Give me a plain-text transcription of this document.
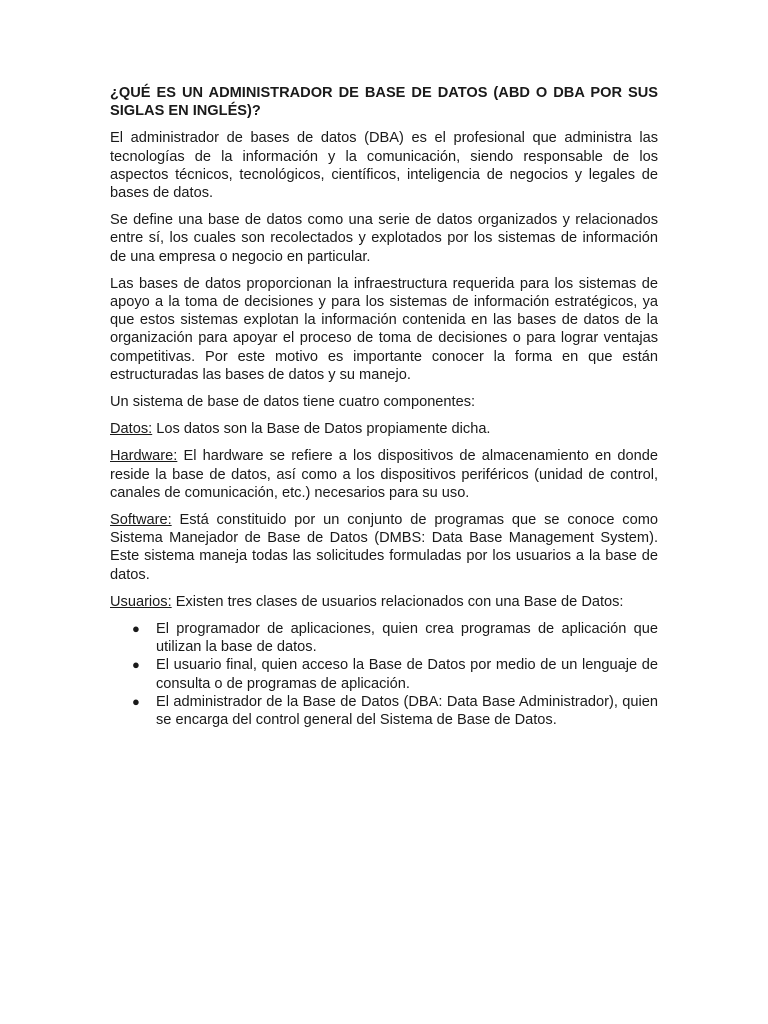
¿QUÉ ES UN ADMINISTRADOR DE BASE DE DATOS (ABD O DBA POR SUS SIGLAS EN INGLÉS)?

El administrador de bases de datos (DBA) es el profesional que administra las tecnologías de la información y la comunicación, siendo responsable de los aspectos técnicos, tecnológicos, científicos, inteligencia de negocios y legales de bases de datos.

Se define una base de datos como una serie de datos organizados y relacionados entre sí, los cuales son recolectados y explotados por los sistemas de información de una empresa o negocio en particular.

Las bases de datos proporcionan la infraestructura requerida para los sistemas de apoyo a la toma de decisiones y para los sistemas de información estratégicos, ya que estos sistemas explotan la información contenida en las bases de datos de la organización para apoyar el proceso de toma de decisiones o para lograr ventajas competitivas. Por este motivo es importante conocer la forma en que están estructuradas las bases de datos y su manejo.

Un sistema de base de datos tiene cuatro componentes:

Datos: Los datos son la Base de Datos propiamente dicha.

Hardware: El hardware se refiere a los dispositivos de almacenamiento en donde reside la base de datos, así como a los dispositivos periféricos (unidad de control, canales de comunicación, etc.) necesarios para su uso.

Software: Está constituido por un conjunto de programas que se conoce como Sistema Manejador de Base de Datos (DMBS: Data Base Management System). Este sistema maneja todas las solicitudes formuladas por los usuarios a la base de datos.

Usuarios: Existen tres clases de usuarios relacionados con una Base de Datos:

● El programador de aplicaciones, quien crea programas de aplicación que utilizan la base de datos.
● El usuario final, quien acceso la Base de Datos por medio de un lenguaje de consulta o de programas de aplicación.
● El administrador de la Base de Datos (DBA: Data Base Administrador), quien se encarga del control general del Sistema de Base de Datos.
